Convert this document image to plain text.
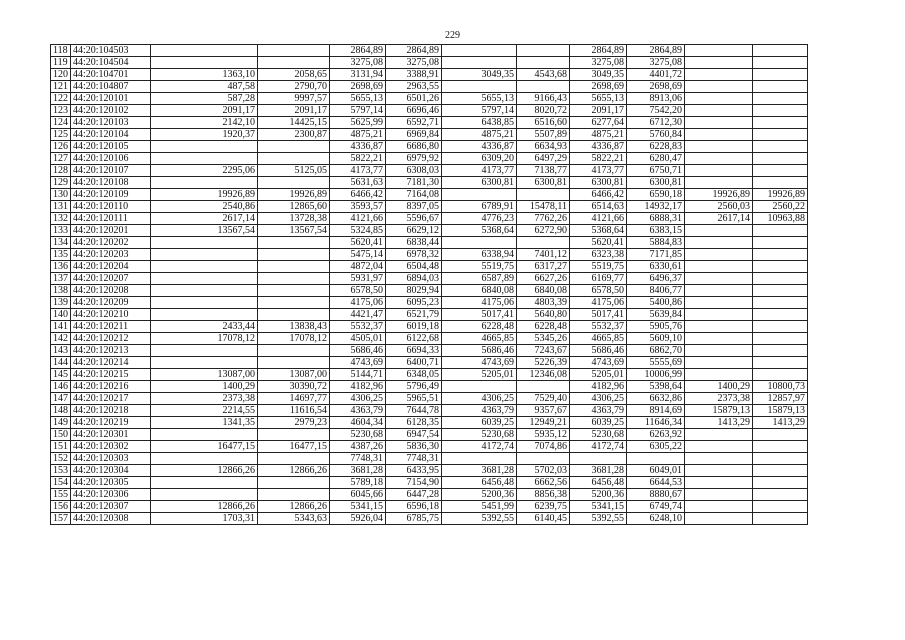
229
118	44:20:104503			2864,89	2864,89			2864,89	2864,89		
119	44:20:104504			3275,08	3275,08			3275,08	3275,08		
120	44:20:104701	1363,10	2058,65	3131,94	3388,91	3049,35	4543,68	3049,35	4401,72		
121	44:20:104807	487,58	2790,70	2698,69	2963,55			2698,69	2698,69		
122	44:20:120101	587,28	9997,57	5655,13	6501,26	5655,13	9166,43	5655,13	8913,06		
123	44:20:120102	2091,17	2091,17	5797,14	6696,46	5797,14	8020,72	2091,17	7542,20		
124	44:20:120103	2142,10	14425,15	5625,99	6592,71	6438,85	6516,60	6277,64	6712,30		
125	44:20:120104	1920,37	2300,87	4875,21	6969,84	4875,21	5507,89	4875,21	5760,84		
126	44:20:120105			4336,87	6686,80	4336,87	6634,93	4336,87	6228,83		
127	44:20:120106			5822,21	6979,92	6309,20	6497,29	5822,21	6280,47		
128	44:20:120107	2295,06	5125,05	4173,77	6308,03	4173,77	7138,77	4173,77	6750,71		
129	44:20:120108			5631,63	7181,30	6300,81	6300,81	6300,81	6300,81		
130	44:20:120109	19926,89	19926,89	6466,42	7164,08			6466,42	6590,18	19926,89	19926,89
131	44:20:120110	2540,86	12865,60	3593,57	8397,05	6789,91	15478,11	6514,63	14932,17	2560,03	2560,22
132	44:20:120111	2617,14	13728,38	4121,66	5596,67	4776,23	7762,26	4121,66	6888,31	2617,14	10963,88
133	44:20:120201	13567,54	13567,54	5324,85	6629,12	5368,64	6272,90	5368,64	6383,15		
134	44:20:120202			5620,41	6838,44			5620,41	5884,83		
135	44:20:120203			5475,14	6978,32	6338,94	7401,12	6323,38	7171,85		
136	44:20:120204			4872,04	6504,48	5519,75	6317,27	5519,75	6330,61		
137	44:20:120207			5931,97	6894,03	6587,89	6627,26	6169,77	6496,37		
138	44:20:120208			6578,50	8029,94	6840,08	6840,08	6578,50	8406,77		
139	44:20:120209			4175,06	6095,23	4175,06	4803,39	4175,06	5400,86		
140	44:20:120210			4421,47	6521,79	5017,41	5640,80	5017,41	5639,84		
141	44:20:120211	2433,44	13838,43	5532,37	6019,18	6228,48	6228,48	5532,37	5905,76		
142	44:20:120212	17078,12	17078,12	4505,01	6122,68	4665,85	5345,26	4665,85	5609,10		
143	44:20:120213			5686,46	6694,33	5686,46	7243,67	5686,46	6862,70		
144	44:20:120214			4743,69	6400,71	4743,69	5226,39	4743,69	5555,69		
145	44:20:120215	13087,00	13087,00	5144,71	6348,05	5205,01	12346,08	5205,01	10006,99		
146	44:20:120216	1400,29	30390,72	4182,96	5796,49			4182,96	5398,64	1400,29	10800,73
147	44:20:120217	2373,38	14697,77	4306,25	5965,51	4306,25	7529,40	4306,25	6632,86	2373,38	12857,97
148	44:20:120218	2214,55	11616,54	4363,79	7644,78	4363,79	9357,67	4363,79	8914,69	15879,13	15879,13
149	44:20:120219	1341,35	2979,23	4604,34	6128,35	6039,25	12949,21	6039,25	11646,34	1413,29	1413,29
150	44:20:120301			5230,68	6947,54	5230,68	5935,12	5230,68	6263,92		
151	44:20:120302	16477,15	16477,15	4387,26	5836,30	4172,74	7074,86	4172,74	6305,22		
152	44:20:120303			7748,31	7748,31						
153	44:20:120304	12866,26	12866,26	3681,28	6433,95	3681,28	5702,03	3681,28	6049,01		
154	44:20:120305			5789,18	7154,90	6456,48	6662,56	6456,48	6644,53		
155	44:20:120306			6045,66	6447,28	5200,36	8856,38	5200,36	8880,67		
156	44:20:120307	12866,26	12866,26	5341,15	6596,18	5451,99	6239,75	5341,15	6749,74		
157	44:20:120308	1703,31	5343,63	5926,04	6785,75	5392,55	6140,45	5392,55	6248,10		
